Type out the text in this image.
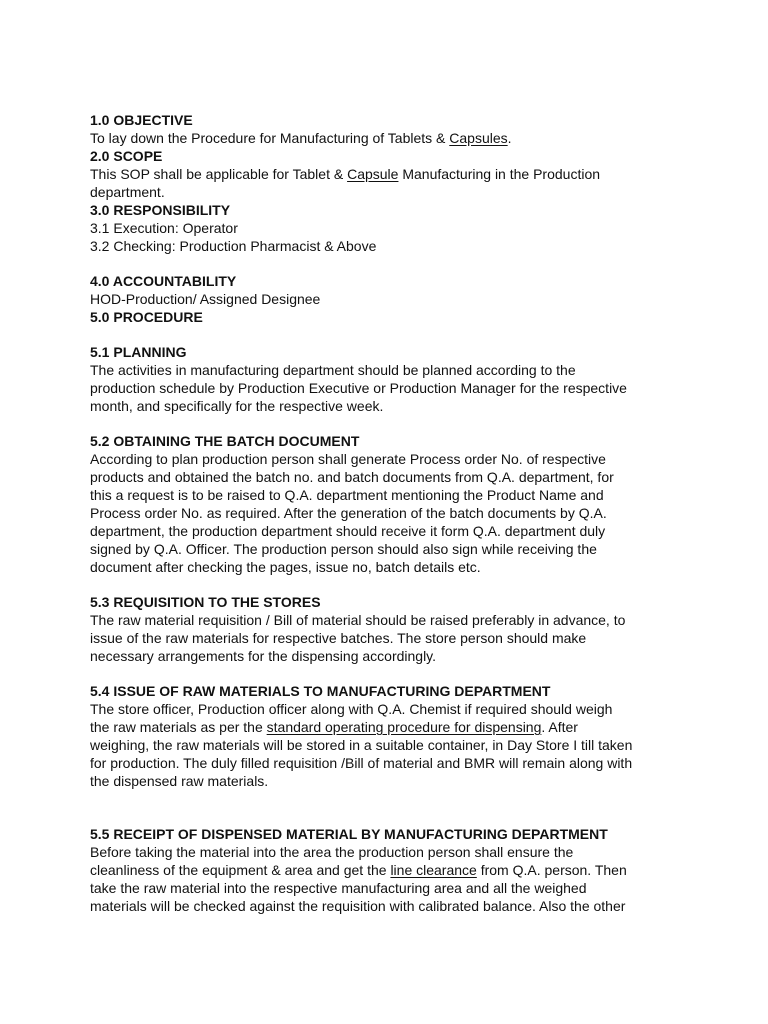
1.0 OBJECTIVE
To lay down the Procedure for Manufacturing of Tablets & Capsules.
2.0 SCOPE
This SOP shall be applicable for Tablet & Capsule Manufacturing in the Production
department.
3.0 RESPONSIBILITY
3.1 Execution: Operator
3.2 Checking: Production Pharmacist & Above
4.0 ACCOUNTABILITY
HOD-Production/ Assigned Designee
5.0 PROCEDURE
5.1 PLANNING
The activities in manufacturing department should be planned according to the
production schedule by Production Executive or Production Manager for the respective
month, and specifically for the respective week.
5.2 OBTAINING THE BATCH DOCUMENT
According to plan production person shall generate Process order No. of respective
products and obtained the batch no. and batch documents from Q.A. department, for
this a request is to be raised to Q.A. department mentioning the Product Name and
Process order No. as required. After the generation of the batch documents by Q.A.
department, the production department should receive it form Q.A. department duly
signed by Q.A. Officer. The production person should also sign while receiving the
document after checking the pages, issue no, batch details etc.
5.3 REQUISITION TO THE STORES
The raw material requisition / Bill of material should be raised preferably in advance, to
issue of the raw materials for respective batches. The store person should make
necessary arrangements for the dispensing accordingly.
5.4 ISSUE OF RAW MATERIALS TO MANUFACTURING DEPARTMENT
The store officer, Production officer along with Q.A. Chemist if required should weigh
the raw materials as per the standard operating procedure for dispensing. After
weighing, the raw materials will be stored in a suitable container, in Day Store I till taken
for production. The duly filled requisition /Bill of material and BMR will remain along with
the dispensed raw materials.
5.5 RECEIPT OF DISPENSED MATERIAL BY MANUFACTURING DEPARTMENT
Before taking the material into the area the production person shall ensure the
cleanliness of the equipment & area and get the line clearance from Q.A. person. Then
take the raw material into the respective manufacturing area and all the weighed
materials will be checked against the requisition with calibrated balance. Also the other
